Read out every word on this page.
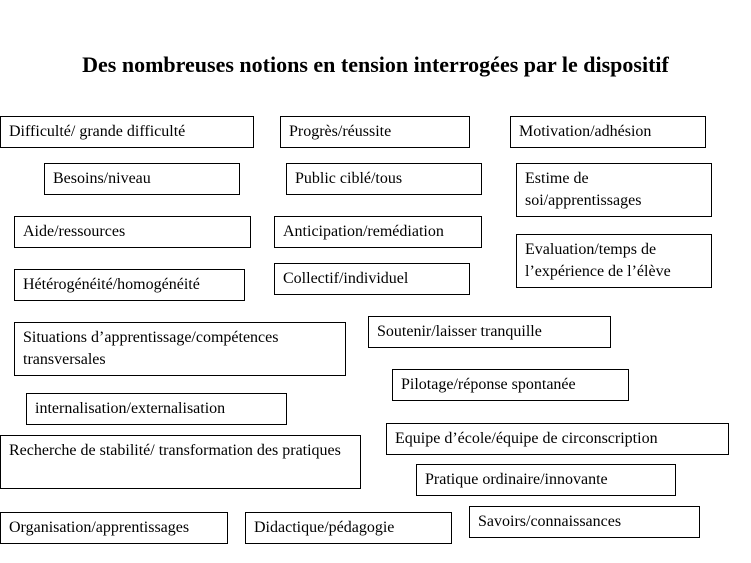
Des nombreuses notions en tension interrogées par le dispositif
Difficulté/ grande difficulté	Progrès/réussite	Motivation/adhésion
Besoins/niveau	Public ciblé/tous	Estime de soi/apprentissages
Aide/ressources	Anticipation/remédiation
Evaluation/temps de l’expérience de l’élève
Hétérogénéité/homogénéité	Collectif/individuel
Situations d’apprentissage/compétences transversales
Soutenir/laisser tranquille
Pilotage/réponse spontanée
internalisation/externalisation
Equipe d’école/équipe de circonscription
Recherche de stabilité/ transformation des pratiques
Pratique ordinaire/innovante
Savoirs/connaissances
Organisation/apprentissages	Didactique/pédagogie
